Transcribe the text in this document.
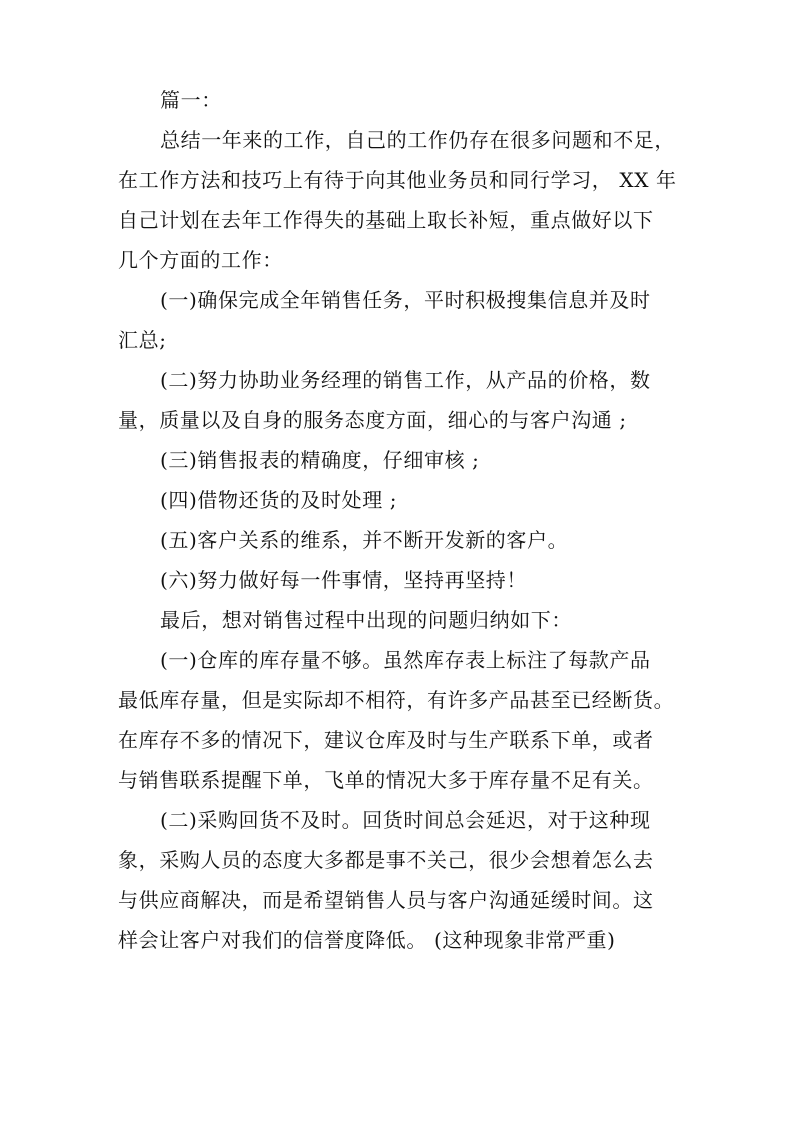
篇一：
总结一年来的工作，自己的工作仍存在很多问题和不足，
在工作方法和技巧上有待于向其他业务员和同行学习， XX 年
自己计划在去年工作得失的基础上取长补短，重点做好以下
几个方面的工作：
(一)确保完成全年销售任务，平时积极搜集信息并及时
汇总;
(二)努力协助业务经理的销售工作，从产品的价格，数
量，质量以及自身的服务态度方面，细心的与客户沟通 ;
(三)销售报表的精确度，仔细审核 ;
(四)借物还货的及时处理 ;
(五)客户关系的维系，并不断开发新的客户。
(六)努力做好每一件事情，坚持再坚持！
最后，想对销售过程中出现的问题归纳如下：
(一)仓库的库存量不够。虽然库存表上标注了每款产品
最低库存量，但是实际却不相符，有许多产品甚至已经断货。
在库存不多的情况下，建议仓库及时与生产联系下单，或者
与销售联系提醒下单，飞单的情况大多于库存量不足有关。
(二)采购回货不及时。回货时间总会延迟，对于这种现
象，采购人员的态度大多都是事不关己，很少会想着怎么去
与供应商解决，而是希望销售人员与客户沟通延缓时间。这
样会让客户对我们的信誉度降低。 (这种现象非常严重)
